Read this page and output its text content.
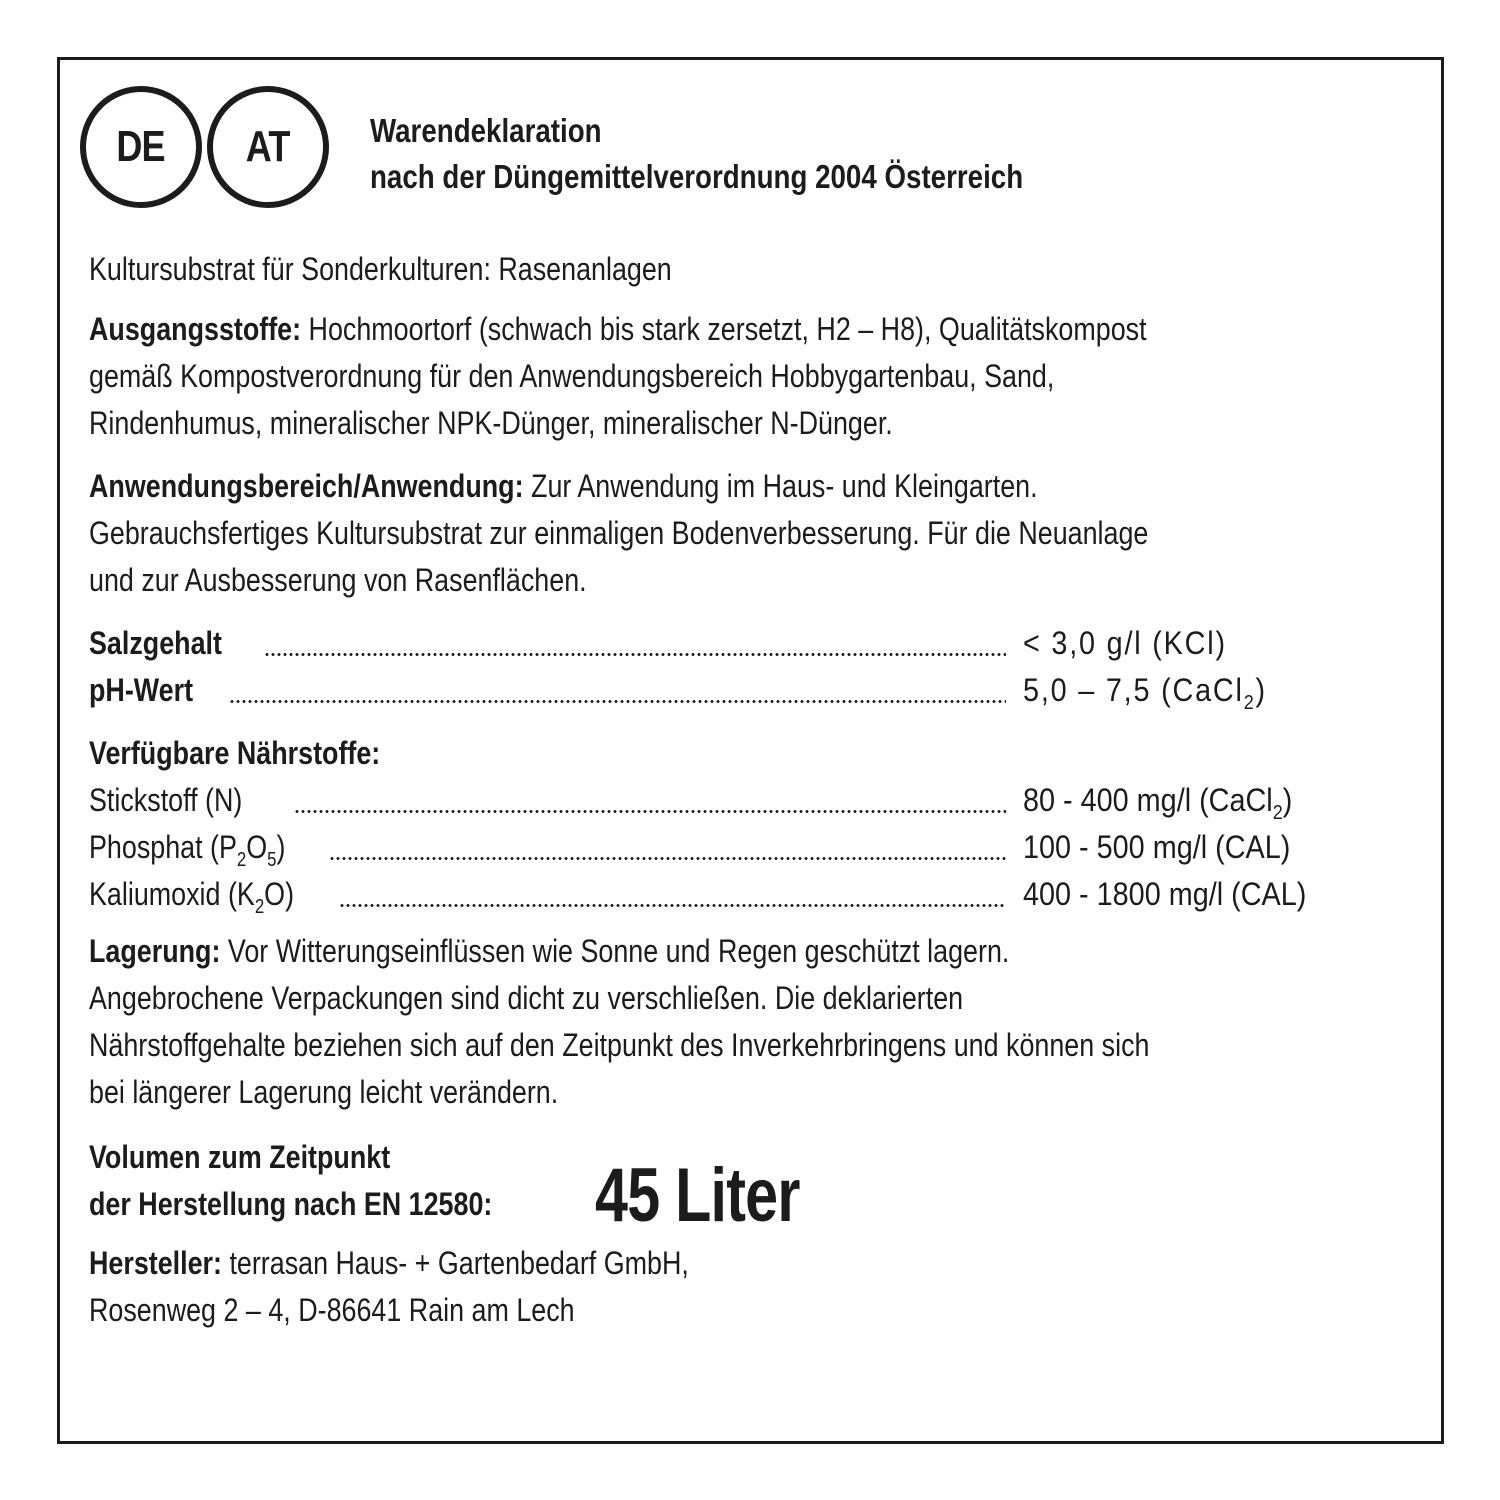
DE AT Warendeklaration
nach der Düngemittelverordnung 2004 Österreich
Kultursubstrat für Sonderkulturen: Rasenanlagen
Ausgangsstoffe: Hochmoortorf (schwach bis stark zersetzt, H2 – H8), Qualitätskompost
gemäß Kompostverordnung für den Anwendungsbereich Hobbygartenbau, Sand,
Rindenhumus, mineralischer NPK-Dünger, mineralischer N-Dünger.
Anwendungsbereich/Anwendung: Zur Anwendung im Haus- und Kleingarten.
Gebrauchsfertiges Kultursubstrat zur einmaligen Bodenverbesserung. Für die Neuanlage
und zur Ausbesserung von Rasenflächen.
Salzgehalt	< 3,0 g/l (KCl)
pH-Wert	5,0 – 7,5 (CaCl$_2$)
Verfügbare Nährstoffe:
Stickstoff (N)	80 - 400 mg/l (CaCl$_2$)
Phosphat $(P_2O_5)$	100 - 500 mg/l (CAL)
Kaliumoxid $(K_2O)$	400 - 1800 mg/l (CAL)
Lagerung: Vor Witterungseinflüssen wie Sonne und Regen geschützt lagern.
Angebrochene Verpackungen sind dicht zu verschließen. Die deklarierten
Nährstoffgehalte beziehen sich auf den Zeitpunkt des Inverkehrbringens und können sich
bei längerer Lagerung leicht verändern.
Volumen zum Zeitpunkt
der Herstellung nach EN 12580:	45 Liter
Hersteller: terrasan Haus- + Gartenbedarf GmbH,
Rosenweg 2 – 4, D-86641 Rain am Lech
